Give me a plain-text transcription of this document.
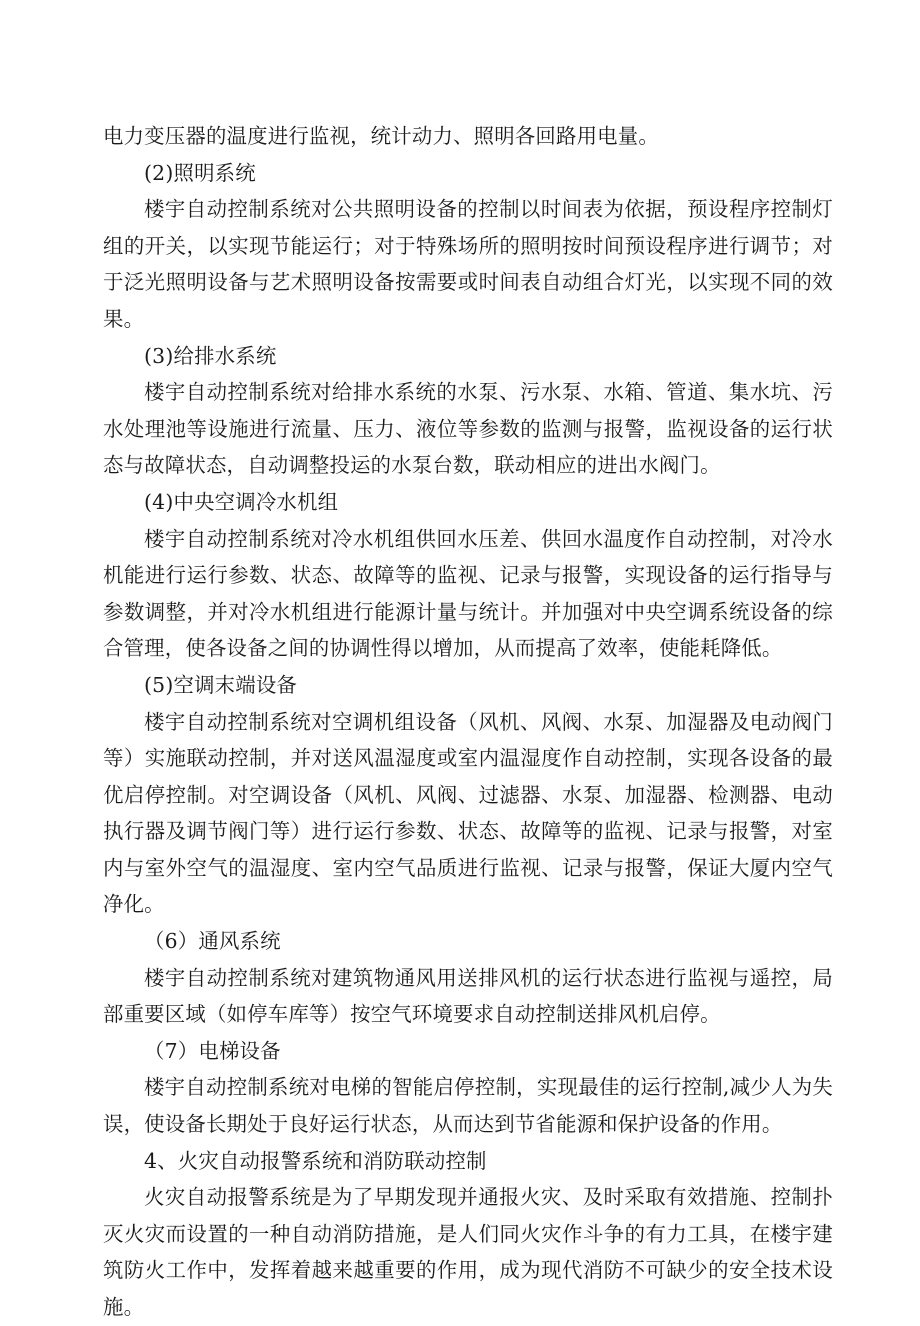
电力变压器的温度进行监视，统计动力、照明各回路用电量。

(2)照明系统

楼宇自动控制系统对公共照明设备的控制以时间表为依据，预设程序控制灯组的开关，以实现节能运行；对于特殊场所的照明按时间预设程序进行调节；对于泛光照明设备与艺术照明设备按需要或时间表自动组合灯光，以实现不同的效果。

(3)给排水系统

楼宇自动控制系统对给排水系统的水泵、污水泵、水箱、管道、集水坑、污水处理池等设施进行流量、压力、液位等参数的监测与报警，监视设备的运行状态与故障状态，自动调整投运的水泵台数，联动相应的进出水阀门。

(4)中央空调冷水机组

楼宇自动控制系统对冷水机组供回水压差、供回水温度作自动控制，对冷水机能进行运行参数、状态、故障等的监视、记录与报警，实现设备的运行指导与参数调整，并对冷水机组进行能源计量与统计。并加强对中央空调系统设备的综合管理，使各设备之间的协调性得以增加，从而提高了效率，使能耗降低。

(5)空调末端设备

楼宇自动控制系统对空调机组设备（风机、风阀、水泵、加湿器及电动阀门等）实施联动控制，并对送风温湿度或室内温湿度作自动控制，实现各设备的最优启停控制。对空调设备（风机、风阀、过滤器、水泵、加湿器、检测器、电动执行器及调节阀门等）进行运行参数、状态、故障等的监视、记录与报警，对室内与室外空气的温湿度、室内空气品质进行监视、记录与报警，保证大厦内空气净化。

（6）通风系统

楼宇自动控制系统对建筑物通风用送排风机的运行状态进行监视与遥控，局部重要区域（如停车库等）按空气环境要求自动控制送排风机启停。

（7）电梯设备

楼宇自动控制系统对电梯的智能启停控制，实现最佳的运行控制,减少人为失误，使设备长期处于良好运行状态，从而达到节省能源和保护设备的作用。

4、火灾自动报警系统和消防联动控制

火灾自动报警系统是为了早期发现并通报火灾、及时采取有效措施、控制扑灭火灾而设置的一种自动消防措施，是人们同火灾作斗争的有力工具，在楼宇建筑防火工作中，发挥着越来越重要的作用，成为现代消防不可缺少的安全技术设施。
